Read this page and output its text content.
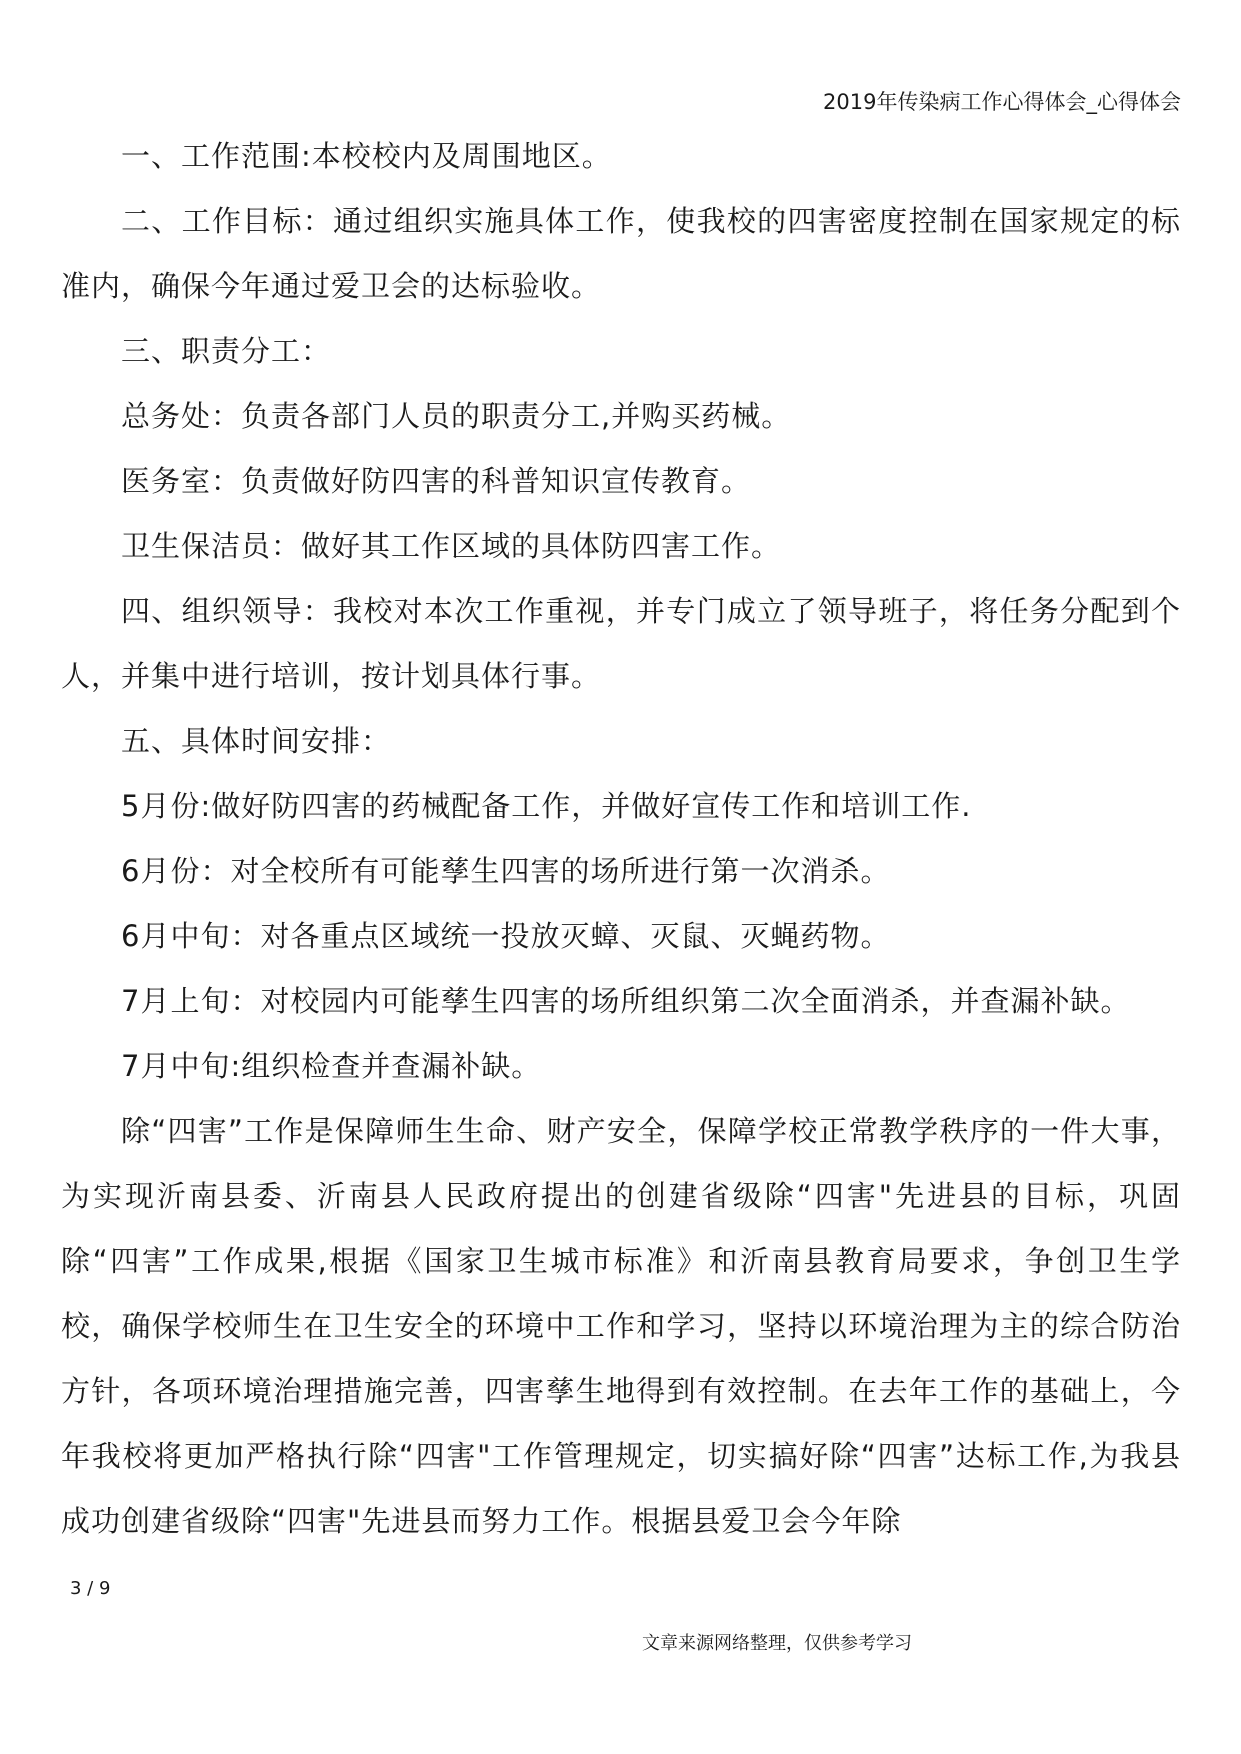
2019年传染病工作心得体会_心得体会

一、工作范围:本校校内及周围地区。

二、工作目标：通过组织实施具体工作，使我校的四害密度控制在国家规定的标准内，确保今年通过爱卫会的达标验收。

三、职责分工：

总务处：负责各部门人员的职责分工,并购买药械。

医务室：负责做好防四害的科普知识宣传教育。

卫生保洁员：做好其工作区域的具体防四害工作。

四、组织领导：我校对本次工作重视，并专门成立了领导班子，将任务分配到个人，并集中进行培训，按计划具体行事。

五、具体时间安排：

5月份:做好防四害的药械配备工作，并做好宣传工作和培训工作.

6月份：对全校所有可能孳生四害的场所进行第一次消杀。

6月中旬：对各重点区域统一投放灭蟑、灭鼠、灭蝇药物。

7月上旬：对校园内可能孳生四害的场所组织第二次全面消杀，并查漏补缺。

7月中旬:组织检查并查漏补缺。

除“四害”工作是保障师生生命、财产安全，保障学校正常教学秩序的一件大事，为实现沂南县委、沂南县人民政府提出的创建省级除“四害"先进县的目标，巩固除“四害”工作成果,根据《国家卫生城市标准》和沂南县教育局要求，争创卫生学校，确保学校师生在卫生安全的环境中工作和学习，坚持以环境治理为主的综合防治方针，各项环境治理措施完善，四害孳生地得到有效控制。在去年工作的基础上，今年我校将更加严格执行除“四害"工作管理规定，切实搞好除“四害”达标工作,为我县成功创建省级除“四害"先进县而努力工作。根据县爱卫会今年除

3 / 9
文章来源网络整理，仅供参考学习
